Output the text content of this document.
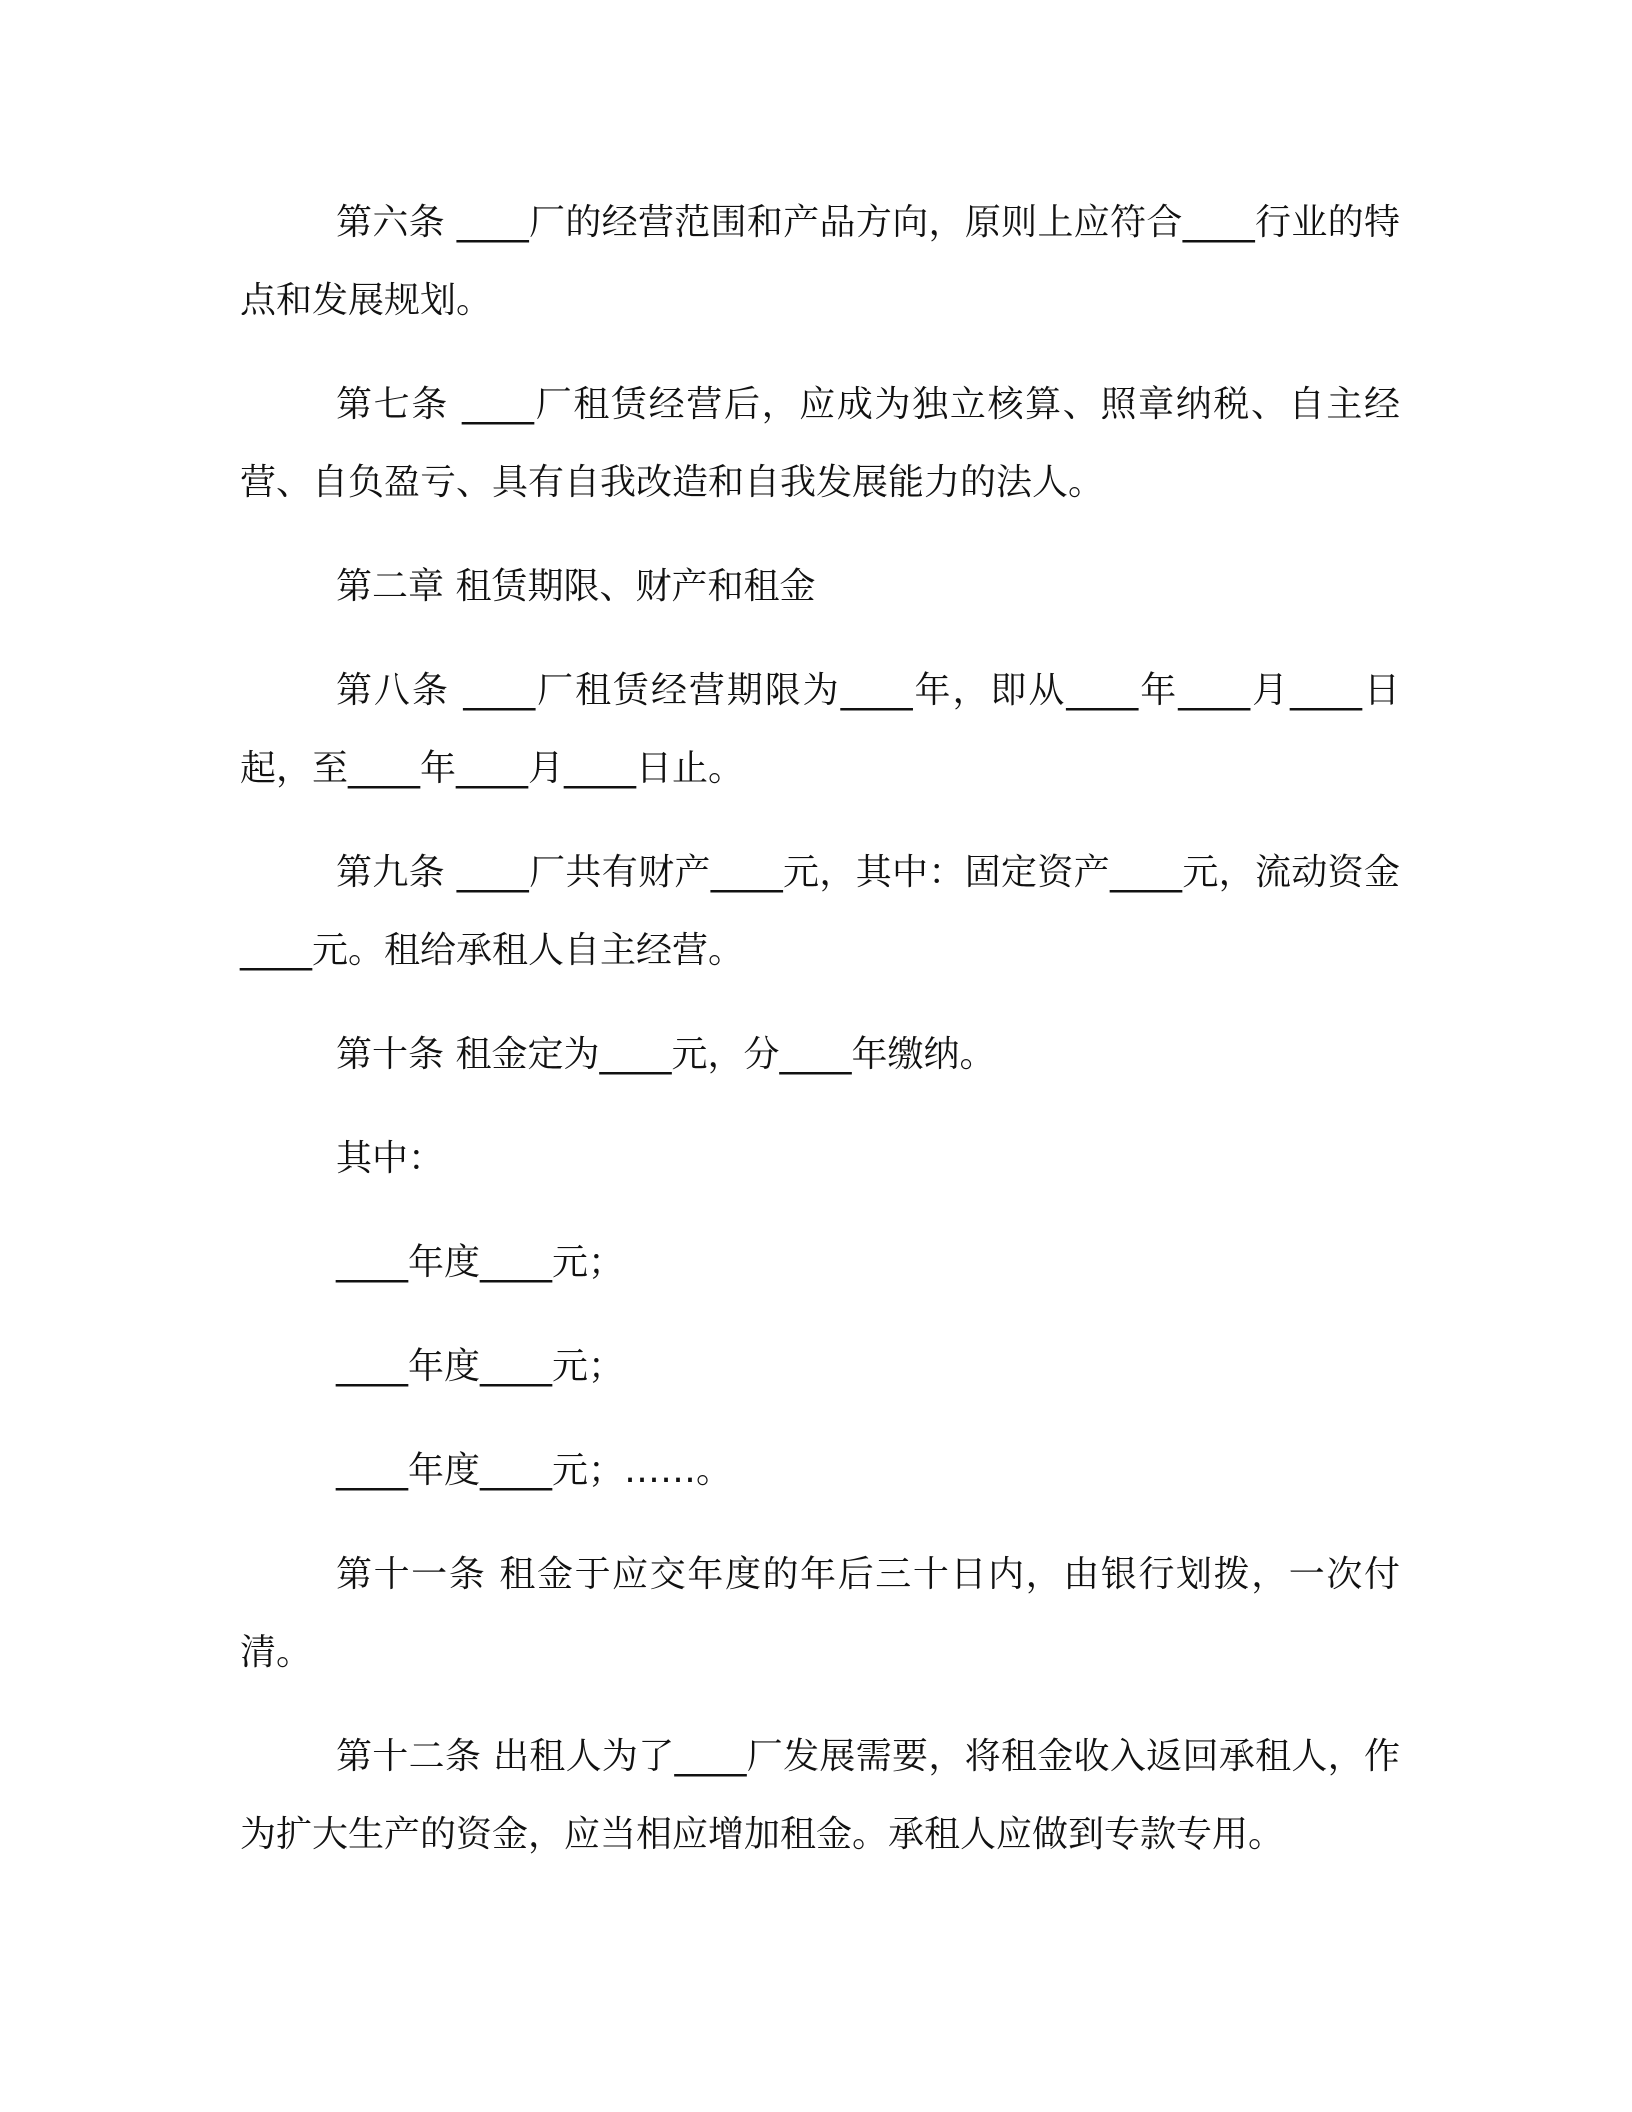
第六条 ____厂的经营范围和产品方向，原则上应符合____行业的特点和发展规划。

第七条 ____厂租赁经营后，应成为独立核算、照章纳税、自主经营、自负盈亏、具有自我改造和自我发展能力的法人。

第二章 租赁期限、财产和租金

第八条 ____厂租赁经营期限为____年，即从____年____月____日起，至____年____月____日止。

第九条 ____厂共有财产____元，其中：固定资产____元，流动资金____元。租给承租人自主经营。

第十条 租金定为____元，分____年缴纳。

其中：

____年度____元；

____年度____元；

____年度____元；……。

第十一条 租金于应交年度的年后三十日内，由银行划拨，一次付清。

第十二条 出租人为了____厂发展需要，将租金收入返回承租人，作为扩大生产的资金，应当相应增加租金。承租人应做到专款专用。
